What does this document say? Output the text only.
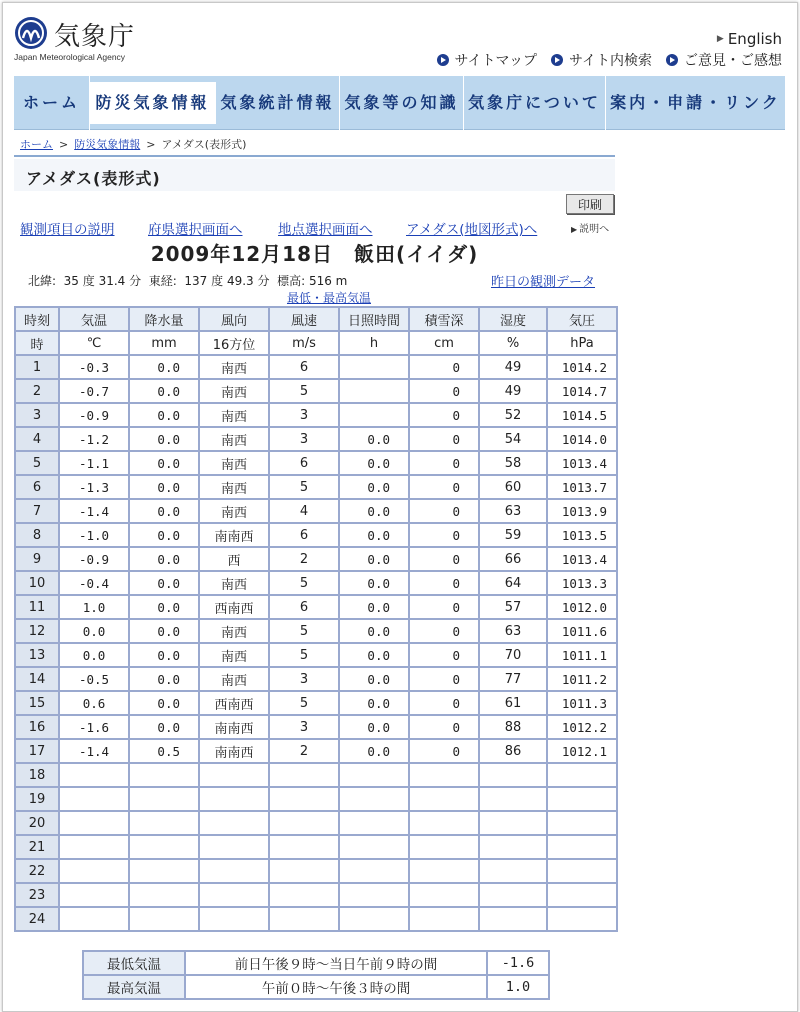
気象庁
Japan Meteorological Agency
▶ English
サイトマップ サイト内検索 ご意見・ご感想
ホーム 防災気象情報 気象統計情報 気象等の知識 気象庁について 案内・申請・リンク
ホーム > 防災気象情報 > アメダス(表形式)
アメダス(表形式)
印刷
観測項目の説明 府県選択画面へ	地点選択画面へ アメダス(地図形式)へ	▶ 説明へ
2009年12月18日　飯田(イイダ)
北緯:  35 度 31.4 分  東経:  137 度 49.3 分  標高: 516 m	昨日の観測データ
最低・最高気温
時刻	気温	降水量	風向	風速	日照時間	積雪深	湿度	気圧
時	℃	mm	16方位	m/s	h	cm	%	hPa
1	-0.3	0.0	南西	6		0	49	1014.2
2	-0.7	0.0	南西	5		0	49	1014.7
3	-0.9	0.0	南西	3		0	52	1014.5
4	-1.2	0.0	南西	3	0.0	0	54	1014.0
5	-1.1	0.0	南西	6	0.0	0	58	1013.4
6	-1.3	0.0	南西	5	0.0	0	60	1013.7
7	-1.4	0.0	南西	4	0.0	0	63	1013.9
8	-1.0	0.0	南南西	6	0.0	0	59	1013.5
9	-0.9	0.0	西	2	0.0	0	66	1013.4
10	-0.4	0.0	南西	5	0.0	0	64	1013.3
11	1.0	0.0	西南西	6	0.0	0	57	1012.0
12	0.0	0.0	南西	5	0.0	0	63	1011.6
13	0.0	0.0	南西	5	0.0	0	70	1011.1
14	-0.5	0.0	南西	3	0.0	0	77	1011.2
15	0.6	0.0	西南西	5	0.0	0	61	1011.3
16	-1.6	0.0	南南西	3	0.0	0	88	1012.2
17	-1.4	0.5	南南西	2	0.0	0	86	1012.1
18								
19								
20								
21								
22								
23								
24								
最低気温	前日午後９時～当日午前９時の間	-1.6
最高気温	午前０時～午後３時の間	1.0
